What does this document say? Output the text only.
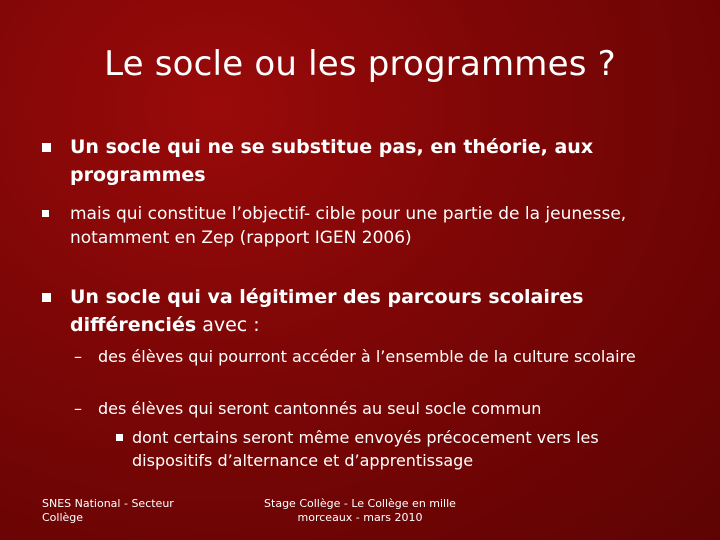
Le socle ou les programmes ?
Un socle qui ne se substitue pas, en théorie, aux programmes
mais qui constitue l’objectif- cible pour une partie de la jeunesse, notamment en Zep (rapport IGEN 2006)
Un socle qui va légitimer des parcours scolaires différenciés avec :
– des élèves qui pourront accéder à l’ensemble de la culture scolaire
– des élèves qui seront cantonnés au seul socle commun
dont certains seront même envoyés précocement vers les dispositifs d’alternance et d’apprentissage
SNES National - Secteur Collège
Stage Collège - Le Collège en mille morceaux - mars 2010
